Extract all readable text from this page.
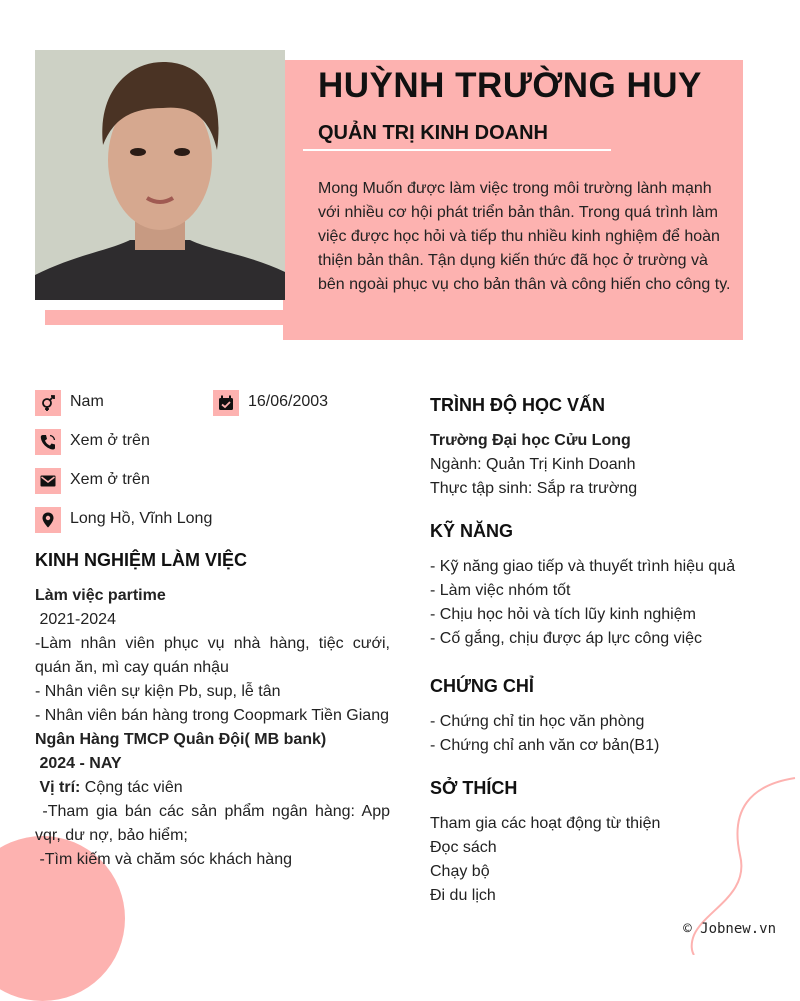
HUỲNH TRƯỜNG HUY
QUẢN TRỊ KINH DOANH
Mong Muốn được làm việc trong môi trường lành mạnh với nhiều cơ hội phát triển bản thân. Trong quá trình làm việc được học hỏi và tiếp thu nhiều kinh nghiệm để hoàn thiện bản thân. Tận dụng kiến thức đã học ở trường và bên ngoài phục vụ cho bản thân và công hiến cho công ty.
Nam	16/06/2003
Xem ở trên
Xem ở trên
Long Hồ, Vĩnh Long
KINH NGHIỆM LÀM VIỆC
Làm việc partime
2021-2024
-Làm nhân viên phục vụ nhà hàng, tiệc cưới, quán ăn, mì cay quán nhậu
- Nhân viên sự kiện Pb, sup, lễ tân
- Nhân viên bán hàng trong Coopmark Tiền Giang
Ngân Hàng TMCP Quân Đội( MB bank)
2024 - NAY
Vị trí: Cộng tác viên
-Tham gia bán các sản phẩm ngân hàng: App vqr, dư nợ, bảo hiểm;
-Tìm kiếm và chăm sóc khách hàng
TRÌNH ĐỘ HỌC VẤN
Trường Đại học Cửu Long
Ngành: Quản Trị Kinh Doanh
Thực tập sinh: Sắp ra trường
KỸ NĂNG
- Kỹ năng giao tiếp và thuyết trình hiệu quả
- Làm việc nhóm tốt
- Chịu học hỏi và tích lũy kinh nghiệm
- Cố gắng, chịu được áp lực công việc
CHỨNG CHỈ
- Chứng chỉ tin học văn phòng
- Chứng chỉ anh văn cơ bản(B1)
SỞ THÍCH
Tham gia các hoạt động từ thiện
Đọc sách
Chạy bộ
Đi du lịch
© Jobnew.vn
